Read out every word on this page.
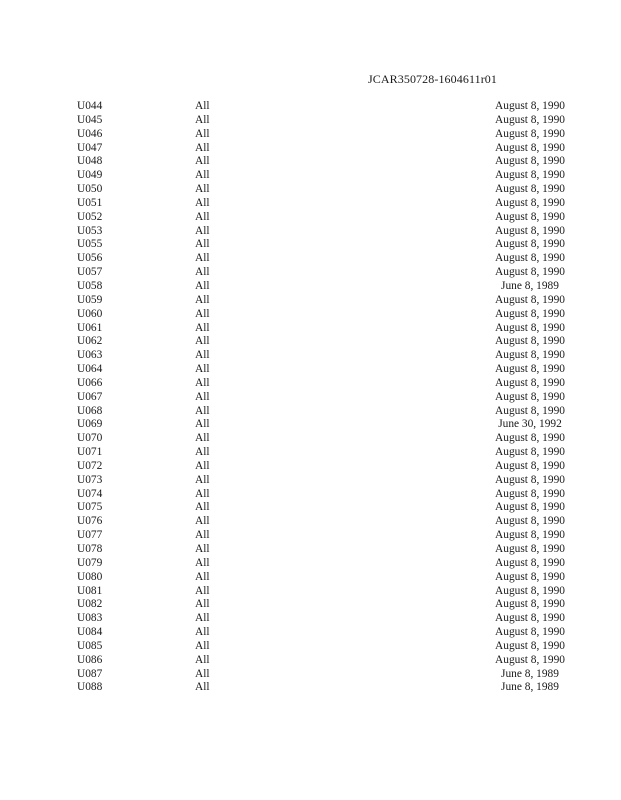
JCAR350728-1604611r01
U044	All	August 8, 1990
U045	All	August 8, 1990
U046	All	August 8, 1990
U047	All	August 8, 1990
U048	All	August 8, 1990
U049	All	August 8, 1990
U050	All	August 8, 1990
U051	All	August 8, 1990
U052	All	August 8, 1990
U053	All	August 8, 1990
U055	All	August 8, 1990
U056	All	August 8, 1990
U057	All	August 8, 1990
U058	All	June 8, 1989
U059	All	August 8, 1990
U060	All	August 8, 1990
U061	All	August 8, 1990
U062	All	August 8, 1990
U063	All	August 8, 1990
U064	All	August 8, 1990
U066	All	August 8, 1990
U067	All	August 8, 1990
U068	All	August 8, 1990
U069	All	June 30, 1992
U070	All	August 8, 1990
U071	All	August 8, 1990
U072	All	August 8, 1990
U073	All	August 8, 1990
U074	All	August 8, 1990
U075	All	August 8, 1990
U076	All	August 8, 1990
U077	All	August 8, 1990
U078	All	August 8, 1990
U079	All	August 8, 1990
U080	All	August 8, 1990
U081	All	August 8, 1990
U082	All	August 8, 1990
U083	All	August 8, 1990
U084	All	August 8, 1990
U085	All	August 8, 1990
U086	All	August 8, 1990
U087	All	June 8, 1989
U088	All	June 8, 1989
